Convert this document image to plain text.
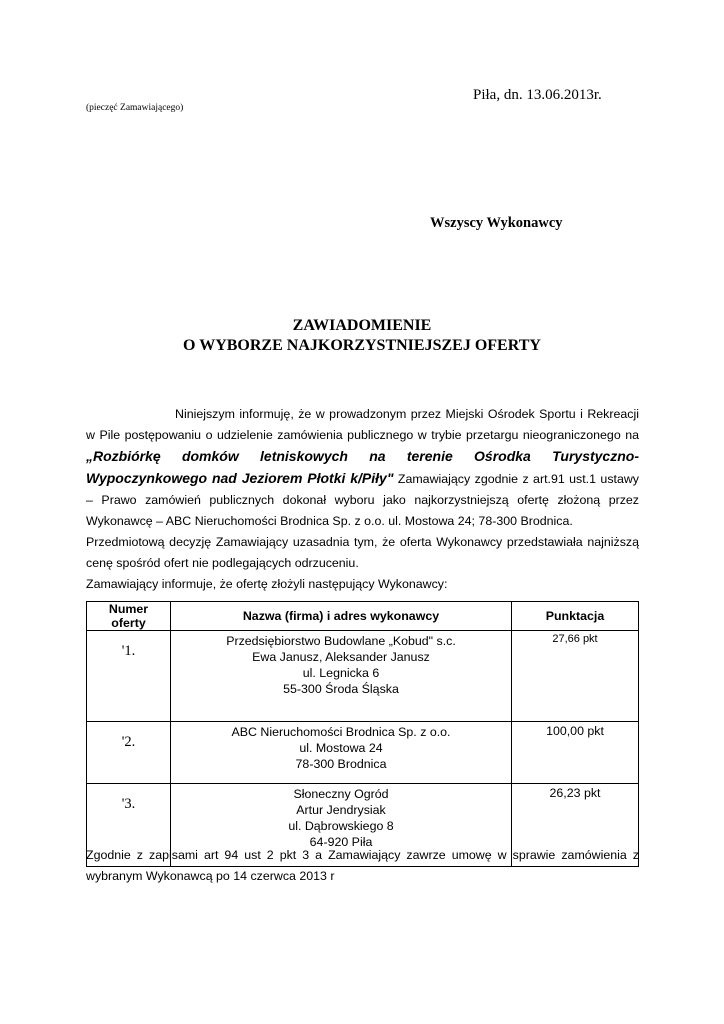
Piła, dn. 13.06.2013r.
(pieczęć Zamawiającego)
Wszyscy Wykonawcy
ZAWIADOMIENIE
O WYBORZE NAJKORZYSTNIEJSZEJ OFERTY

Niniejszym informuję, że w prowadzonym przez Miejski Ośrodek Sportu i Rekreacji w Pile postępowaniu o udzielenie zamówienia publicznego w trybie przetargu nieograniczonego na „Rozbiórkę domków letniskowych na terenie Ośrodka Turystyczno- Wypoczynkowego nad Jeziorem Płotki k/Piły" Zamawiający zgodnie z art.91 ust.1 ustawy – Prawo zamówień publicznych dokonał wyboru jako najkorzystniejszą ofertę złożoną przez Wykonawcę – ABC Nieruchomości Brodnica Sp. z o.o. ul. Mostowa 24; 78-300 Brodnica.

Przedmiotową decyzję Zamawiający uzasadnia tym, że oferta Wykonawcy przedstawiała najniższą cenę spośród ofert nie podlegających odrzuceniu.

Zamawiający informuje, że ofertę złożyli następujący Wykonawcy:

Numer oferty	Nazwa (firma) i adres wykonawcy	Punktacja
'1.	Przedsiębiorstwo Budowlane „Kobud" s.c.
Ewa Janusz, Aleksander Janusz
ul. Legnicka 6
55-300 Środa Śląska	27,66 pkt
'2.	ABC Nieruchomości Brodnica Sp. z o.o.
ul. Mostowa 24
78-300 Brodnica	100,00 pkt
'3.	Słoneczny Ogród
Artur Jendrysiak
ul. Dąbrowskiego 8
64-920 Piła	26,23 pkt

Zgodnie z zapisami art 94 ust 2 pkt 3 a Zamawiający zawrze umowę w sprawie zamówienia z wybranym Wykonawcą po 14 czerwca 2013 r
